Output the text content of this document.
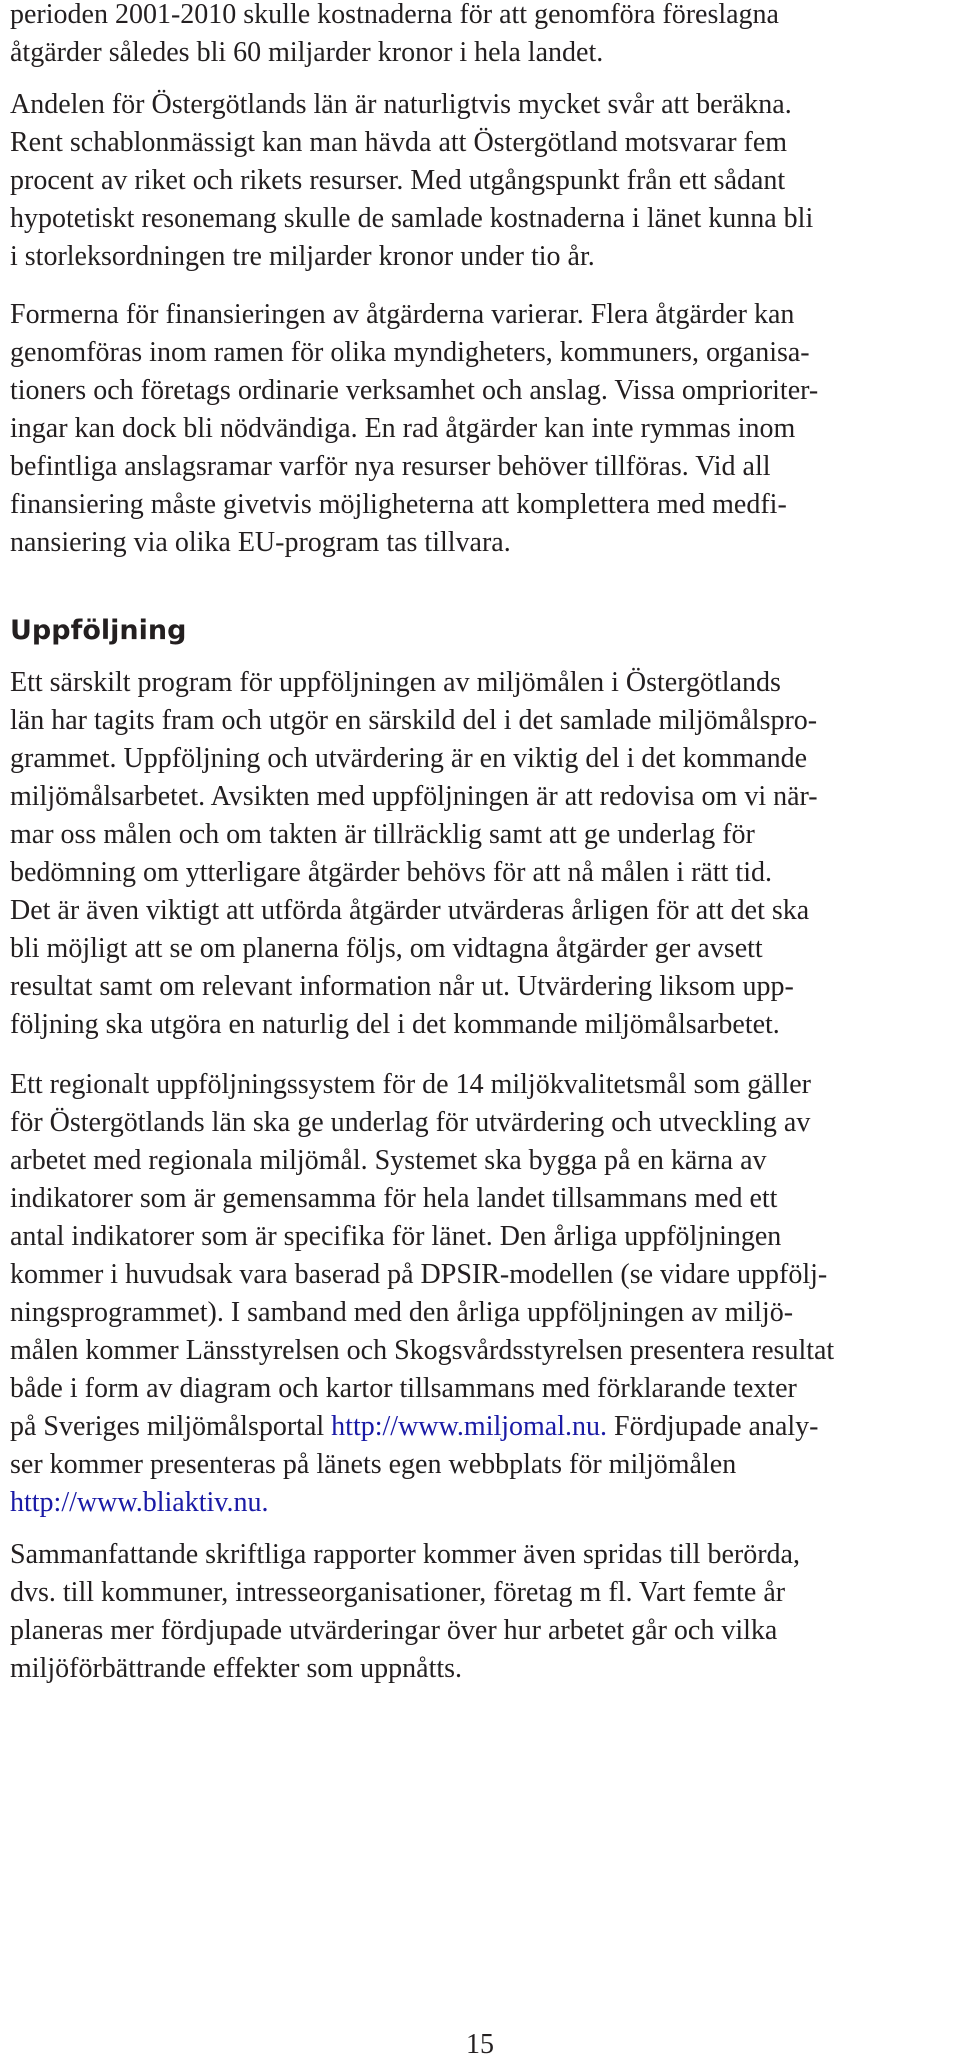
perioden 2001-2010 skulle kostnaderna för att genomföra föreslagna
åtgärder således bli 60 miljarder kronor i hela landet.

Andelen för Östergötlands län är naturligtvis mycket svår att beräkna.
Rent schablonmässigt kan man hävda att Östergötland motsvarar fem
procent av riket och rikets resurser. Med utgångspunkt från ett sådant
hypotetiskt resonemang skulle de samlade kostnaderna i länet kunna bli
i storleksordningen tre miljarder kronor under tio år.

Formerna för finansieringen av åtgärderna varierar. Flera åtgärder kan
genomföras inom ramen för olika myndigheters, kommuners, organisa-
tioners och företags ordinarie verksamhet och anslag. Vissa omprioriter-
ingar kan dock bli nödvändiga. En rad åtgärder kan inte rymmas inom
befintliga anslagsramar varför nya resurser behöver tillföras. Vid all
finansiering måste givetvis möjligheterna att komplettera med medfi-
nansiering via olika EU-program tas tillvara.

Uppföljning

Ett särskilt program för uppföljningen av miljömålen i Östergötlands
län har tagits fram och utgör en särskild del i det samlade miljömålspro-
grammet. Uppföljning och utvärdering är en viktig del i det kommande
miljömålsarbetet. Avsikten med uppföljningen är att redovisa om vi när-
mar oss målen och om takten är tillräcklig samt att ge underlag för
bedömning om ytterligare åtgärder behövs för att nå målen i rätt tid.
Det är även viktigt att utförda åtgärder utvärderas årligen för att det ska
bli möjligt att se om planerna följs, om vidtagna åtgärder ger avsett
resultat samt om relevant information når ut. Utvärdering liksom upp-
följning ska utgöra en naturlig del i det kommande miljömålsarbetet.

Ett regionalt uppföljningssystem för de 14 miljökvalitetsmål som gäller
för Östergötlands län ska ge underlag för utvärdering och utveckling av
arbetet med regionala miljömål. Systemet ska bygga på en kärna av
indikatorer som är gemensamma för hela landet tillsammans med ett
antal indikatorer som är specifika för länet. Den årliga uppföljningen
kommer i huvudsak vara baserad på DPSIR-modellen (se vidare uppfölj-
ningsprogrammet). I samband med den årliga uppföljningen av miljö-
målen kommer Länsstyrelsen och Skogsvårdsstyrelsen presentera resultat
både i form av diagram och kartor tillsammans med förklarande texter
på Sveriges miljömålsportal http://www.miljomal.nu. Fördjupade analy-
ser kommer presenteras på länets egen webbplats för miljömålen
http://www.bliaktiv.nu.

Sammanfattande skriftliga rapporter kommer även spridas till berörda,
dvs. till kommuner, intresseorganisationer, företag m fl. Vart femte år
planeras mer fördjupade utvärderingar över hur arbetet går och vilka
miljöförbättrande effekter som uppnåtts.

15
